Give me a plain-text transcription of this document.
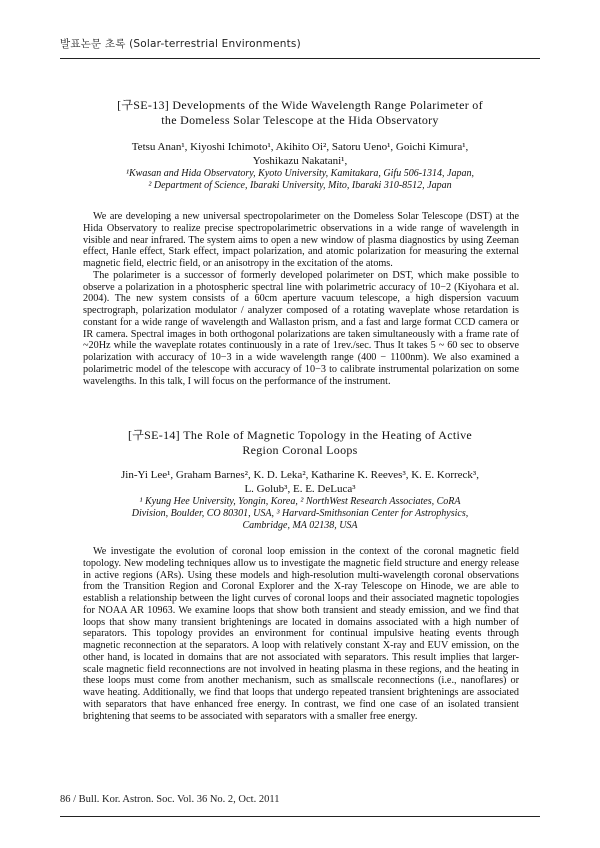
발표논문 초록 (Solar-terrestrial Environments)
[구SE-13] Developments of the Wide Wavelength Range Polarimeter of
the Domeless Solar Telescope at the Hida Observatory
Tetsu Anan¹, Kiyoshi Ichimoto¹, Akihito Oi², Satoru Ueno¹, Goichi Kimura¹,
Yoshikazu Nakatani¹,
¹Kwasan and Hida Observatory, Kyoto University, Kamitakara, Gifu 506-1314, Japan,
² Department of Science, Ibaraki University, Mito, Ibaraki 310-8512, Japan

We are developing a new universal spectropolarimeter on the Domeless Solar Telescope (DST) at the Hida Observatory to realize precise spectropolarimetric observations in a wide range of wavelength in visible and near infrared. The system aims to open a new window of plasma diagnostics by using Zeeman effect, Hanle effect, Stark effect, impact polarization, and atomic polarization for measuring the external magnetic field, electric field, or an anisotropy in the excitation of the atoms.

The polarimeter is a successor of formerly developed polarimeter on DST, which make possible to observe a polarization in a photospheric spectral line with polarimetric accuracy of 10−2 (Kiyohara et al. 2004). The new system consists of a 60cm aperture vacuum telescope, a high dispersion vacuum spectrograph, polarization modulator / analyzer composed of a rotating waveplate whose retardation is constant for a wide range of wavelength and Wallaston prism, and a fast and large format CCD camera or IR camera. Spectral images in both orthogonal polarizations are taken simultaneously with a frame rate of ~20Hz while the waveplate rotates continuously in a rate of 1rev./sec. Thus It takes 5 ~ 60 sec to observe polarization with accuracy of 10−3 in a wide wavelength range (400 − 1100nm). We also examined a polarimetric model of the telescope with accuracy of 10−3 to calibrate instrumental polarization on some wavelengths. In this talk, I will focus on the performance of the instrument.

[구SE-14] The Role of Magnetic Topology in the Heating of Active
Region Coronal Loops
Jin-Yi Lee¹, Graham Barnes², K. D. Leka², Katharine K. Reeves³, K. E. Korreck³,
L. Golub³, E. E. DeLuca³
¹ Kyung Hee University, Yongin, Korea, ² NorthWest Research Associates, CoRA
Division, Boulder, CO 80301, USA, ³ Harvard-Smithsonian Center for Astrophysics,
Cambridge, MA 02138, USA

We investigate the evolution of coronal loop emission in the context of the coronal magnetic field topology. New modeling techniques allow us to investigate the magnetic field structure and energy release in active regions (ARs). Using these models and high-resolution multi-wavelength coronal observations from the Transition Region and Coronal Explorer and the X-ray Telescope on Hinode, we are able to establish a relationship between the light curves of coronal loops and their associated magnetic topologies for NOAA AR 10963. We examine loops that show both transient and steady emission, and we find that loops that show many transient brightenings are located in domains associated with a high number of separators. This topology provides an environment for continual impulsive heating events through magnetic reconnection at the separators. A loop with relatively constant X-ray and EUV emission, on the other hand, is located in domains that are not associated with separators. This result implies that larger-scale magnetic field reconnections are not involved in heating plasma in these regions, and the heating in these loops must come from another mechanism, such as smallscale reconnections (i.e., nanoflares) or wave heating. Additionally, we find that loops that undergo repeated transient brightenings are associated with separators that have enhanced free energy. In contrast, we find one case of an isolated transient brightening that seems to be associated with separators with a smaller free energy.

86 / Bull. Kor. Astron. Soc. Vol. 36 No. 2, Oct. 2011
